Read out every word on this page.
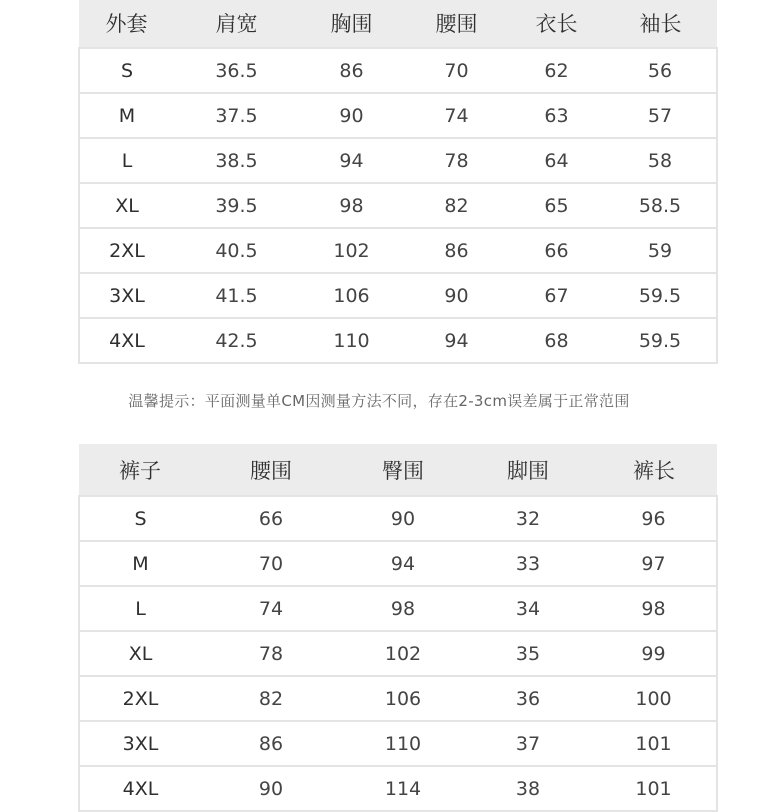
外套	肩宽	胸围	腰围	衣长	袖长
S	36.5	86	70	62	56
M	37.5	90	74	63	57
L	38.5	94	78	64	58
XL	39.5	98	82	65	58.5
2XL	40.5	102	86	66	59
3XL	41.5	106	90	67	59.5
4XL	42.5	110	94	68	59.5
温馨提示：平面测量单CM因测量方法不同，存在2-3cm误差属于正常范围
裤子	腰围	臀围	脚围	裤长
S	66	90	32	96
M	70	94	33	97
L	74	98	34	98
XL	78	102	35	99
2XL	82	106	36	100
3XL	86	110	37	101
4XL	90	114	38	101
